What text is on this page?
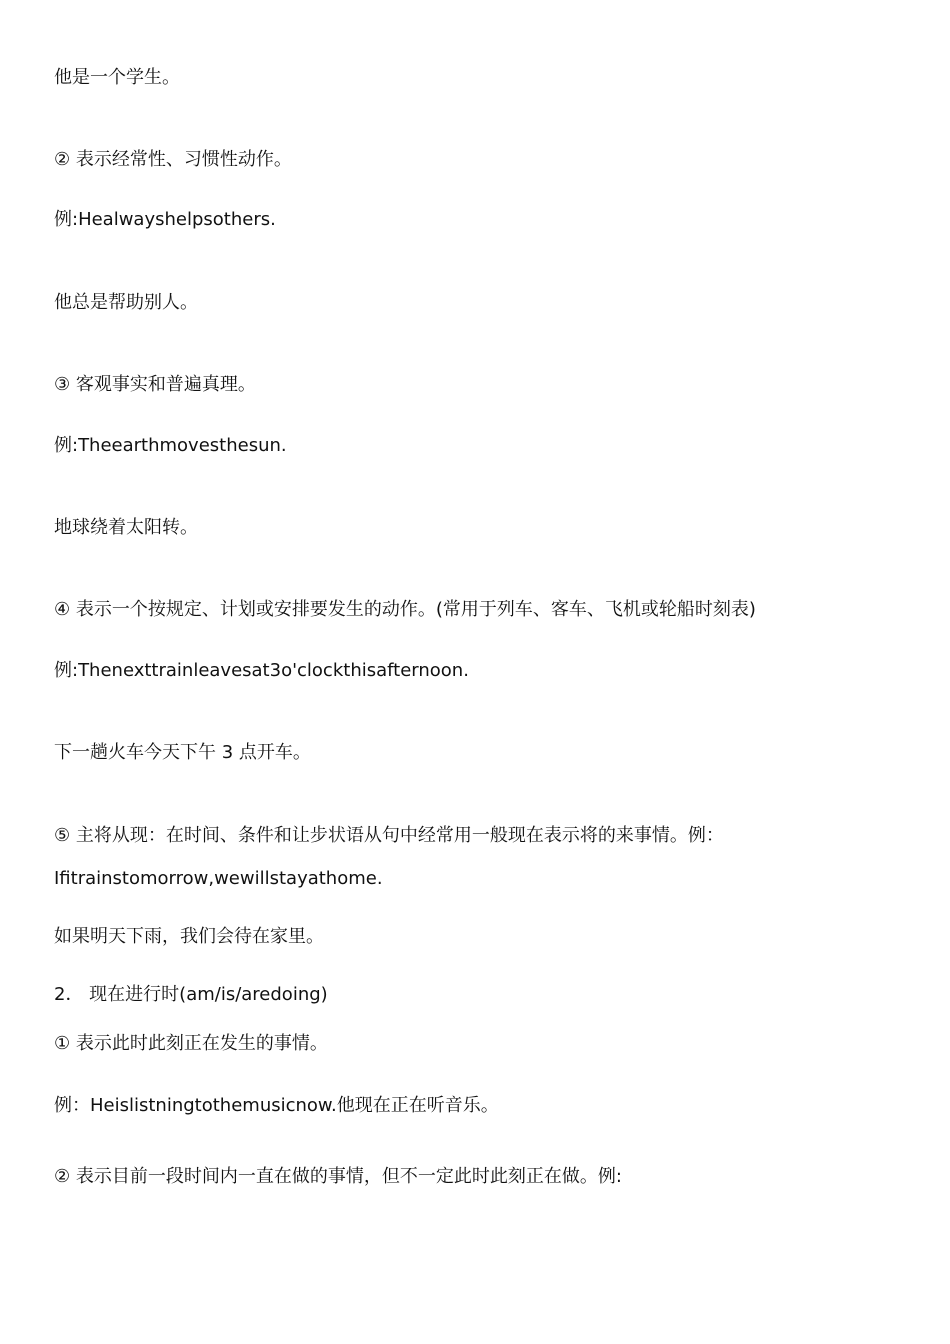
他是一个学生。
② 表示经常性、习惯性动作。
例:Healwayshelpsothers.
他总是帮助别人。
③ 客观事实和普遍真理。
例:Theearthmovesthesun.
地球绕着太阳转。
④ 表示一个按规定、计划或安排要发生的动作。(常用于列车、客车、飞机或轮船时刻表)
例:Thenexttrainleavesat3o'clockthisafternoon.
下一趟火车今天下午 3 点开车。
⑤ 主将从现：在时间、条件和让步状语从句中经常用一般现在表示将的来事情。例：
Ifitrainstomorrow,wewillstayathome.
如果明天下雨，我们会待在家里。
2． 现在进行时(am/is/aredoing)
① 表示此时此刻正在发生的事情。
例：Heislistningtothemusicnow.他现在正在听音乐。
② 表示目前一段时间内一直在做的事情，但不一定此时此刻正在做。例:
